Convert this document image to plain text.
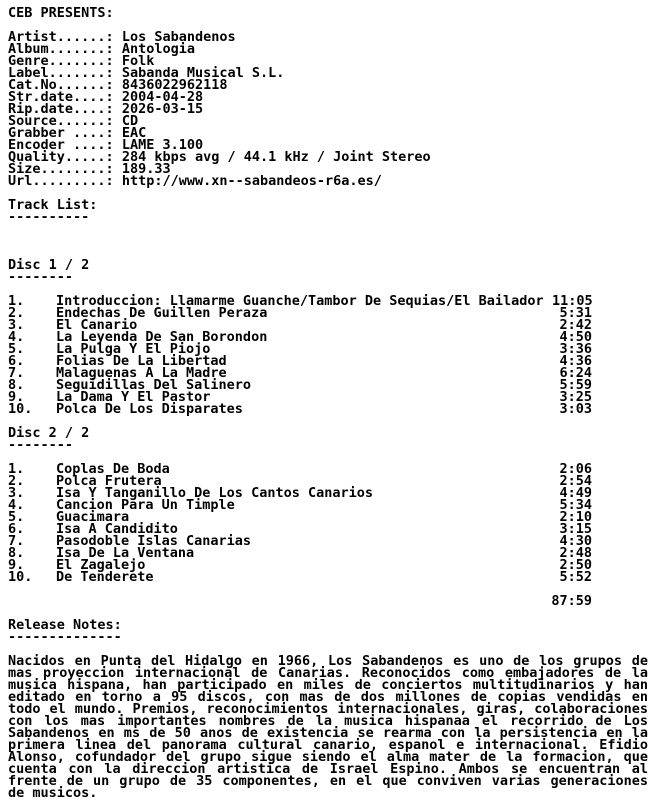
CEB PRESENTS:
Artist......: Los Sabandenos
Album.......: Antologia
Genre.......: Folk
Label.......: Sabanda Musical S.L.
Cat.No......: 8436022962118
Str.date....: 2004-04-28
Rip.date....: 2026-03-15
Source......: CD
Grabber ....: EAC
Encoder ....: LAME 3.100
Quality.....: 284 kbps avg / 44.1 kHz / Joint Stereo
Size........: 189.33
Url.........: http://www.xn--sabandeos-r6a.es/
Track List:
----------
Disc 1 / 2
--------
1.	Introduccion: Llamarme Guanche/Tambor De Sequias/El Bailador 11:05
2.	Endechas De Guillen Peraza	5:31
3.	El Canario	2:42
4.	La Leyenda De San Borondon	4:50
5.	La Pulga Y El Piojo	3:36
6.	Folias De La Libertad	4:36
7.	Malaguenas A La Madre	6:24
8.	Seguidillas Del Salinero	5:59
9.	La Dama Y El Pastor	3:25
10.	Polca De Los Disparates	3:03
Disc 2 / 2
--------
1.	Coplas De Boda	2:06
2.	Polca Frutera	2:54
3.	Isa Y Tanganillo De Los Cantos Canarios	4:49
4.	Cancion Para Un Timple	5:34
5.	Guacimara	2:10
6.	Isa A Candidito	3:15
7.	Pasodoble Islas Canarias	4:30
8.	Isa De La Ventana	2:48
9.	El Zagalejo	2:50
10.	De Tenderete	5:52
87:59
Release Notes:
--------------
Nacidos en Punta del Hidalgo en 1966, Los Sabandenos es uno de los grupos de mas proyeccion internacional de Canarias. Reconocidos como embajadores de la musica hispana, han participado en miles de conciertos multitudinarios y han editado en torno a 95 discos, con mas de dos millones de copias vendidas en todo el mundo. Premios, reconocimientos internacionales, giras, colaboraciones con los mas importantes nombres de la musica hispanaa el recorrido de Los Sabandenos en ms de 50 anos de existencia se rearma con la persistencia en la primera linea del panorama cultural canario, espanol e internacional. Efidio Alonso, cofundador del grupo sigue siendo el alma mater de la formacion, que cuenta con la direccion artistica de Israel Espino. Ambos se encuentran al frente de un grupo de 35 componentes, en el que conviven varias generaciones de musicos.
